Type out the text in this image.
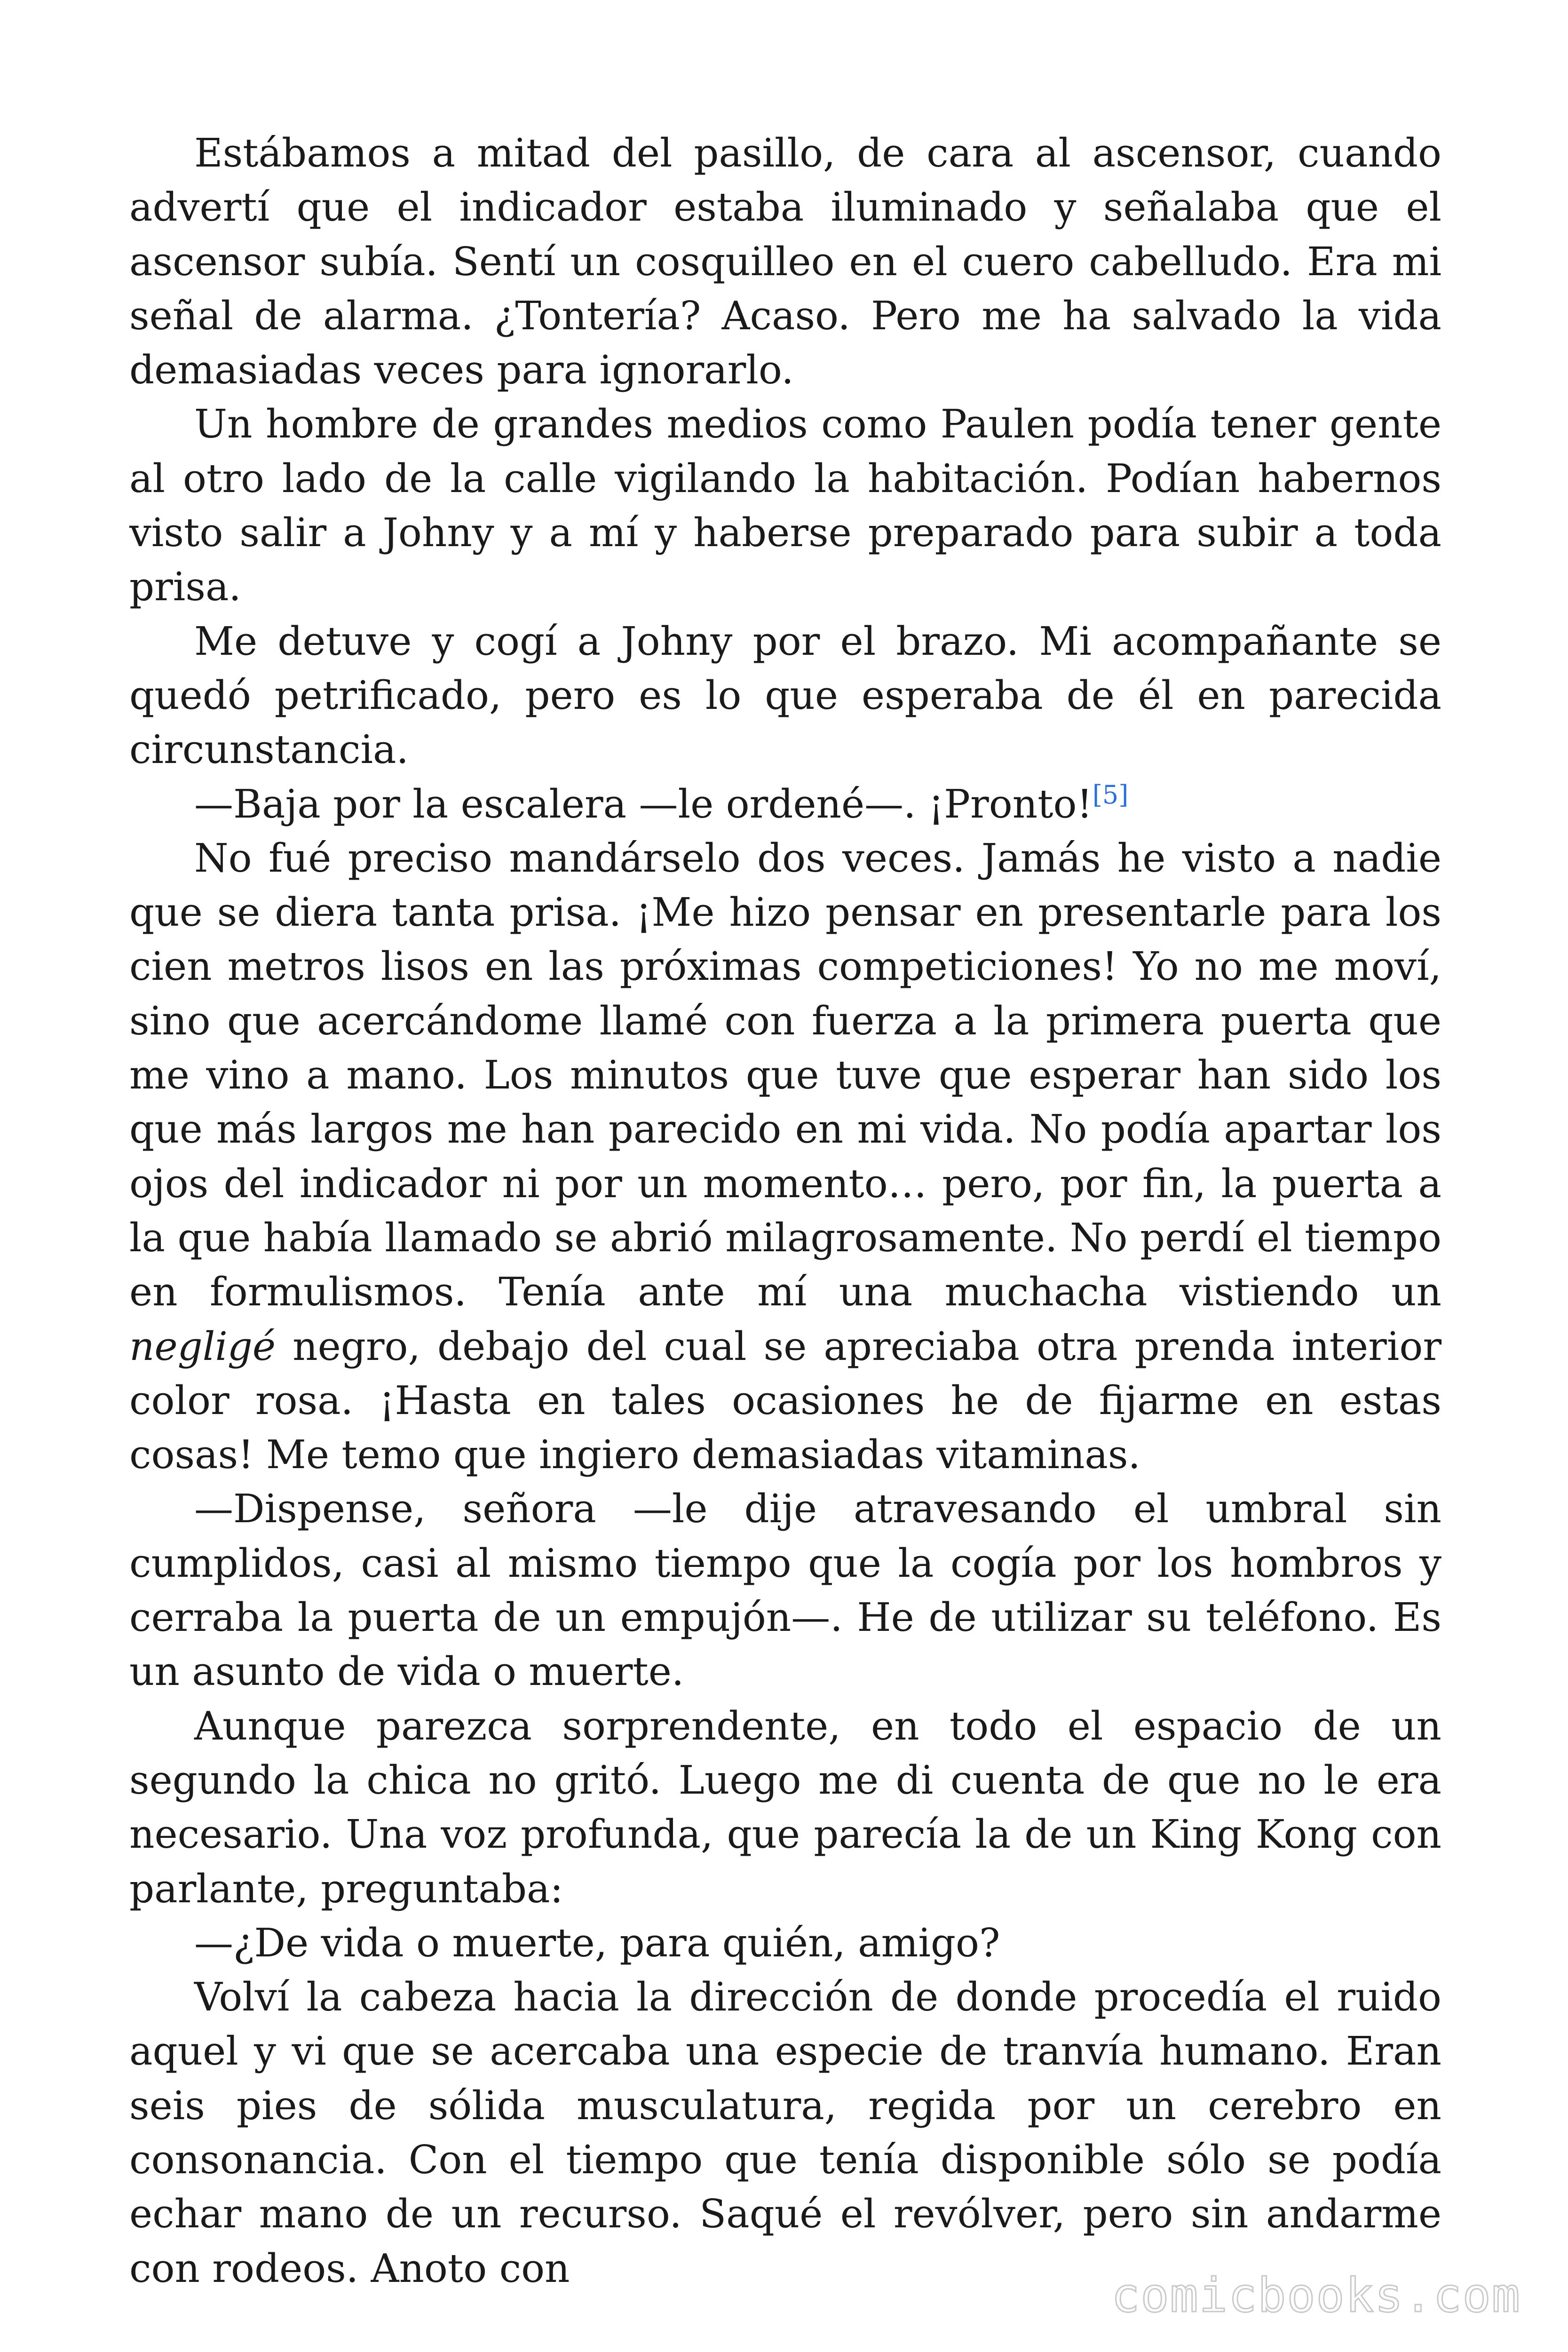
Estábamos a mitad del pasillo, de cara al ascensor, cuando advertí que el indicador estaba iluminado y señalaba que el ascensor subía. Sentí un cosquilleo en el cuero cabelludo. Era mi señal de alarma. ¿Tontería? Acaso. Pero me ha salvado la vida demasiadas veces para ignorarlo.

Un hombre de grandes medios como Paulen podía tener gente al otro lado de la calle vigilando la habitación. Podían habernos visto salir a Johny y a mí y haberse preparado para subir a toda prisa.

Me detuve y cogí a Johny por el brazo. Mi acompañante se quedó petrificado, pero es lo que esperaba de él en parecida circunstancia.

—Baja por la escalera —le ordené—. ¡Pronto![5]

No fué preciso mandárselo dos veces. Jamás he visto a nadie que se diera tanta prisa. ¡Me hizo pensar en presentarle para los cien metros lisos en las próximas competiciones! Yo no me moví, sino que acercándome llamé con fuerza a la primera puerta que me vino a mano. Los minutos que tuve que esperar han sido los que más largos me han parecido en mi vida. No podía apartar los ojos del indicador ni por un momento… pero, por fin, la puerta a la que había llamado se abrió milagrosamente. No perdí el tiempo en formulismos. Tenía ante mí una muchacha vistiendo un negligé negro, debajo del cual se apreciaba otra prenda interior color rosa. ¡Hasta en tales ocasiones he de fijarme en estas cosas! Me temo que ingiero demasiadas vitaminas.

—Dispense, señora —le dije atravesando el umbral sin cumplidos, casi al mismo tiempo que la cogía por los hombros y cerraba la puerta de un empujón—. He de utilizar su teléfono. Es un asunto de vida o muerte.

Aunque parezca sorprendente, en todo el espacio de un segundo la chica no gritó. Luego me di cuenta de que no le era necesario. Una voz profunda, que parecía la de un King Kong con parlante, preguntaba:

—¿De vida o muerte, para quién, amigo?

Volví la cabeza hacia la dirección de donde procedía el ruido aquel y vi que se acercaba una especie de tranvía humano. Eran seis pies de sólida musculatura, regida por un cerebro en consonancia. Con el tiempo que tenía disponible sólo se podía echar mano de un recurso. Saqué el revólver, pero sin andarme con rodeos. Anoto con	comicbooks.com
